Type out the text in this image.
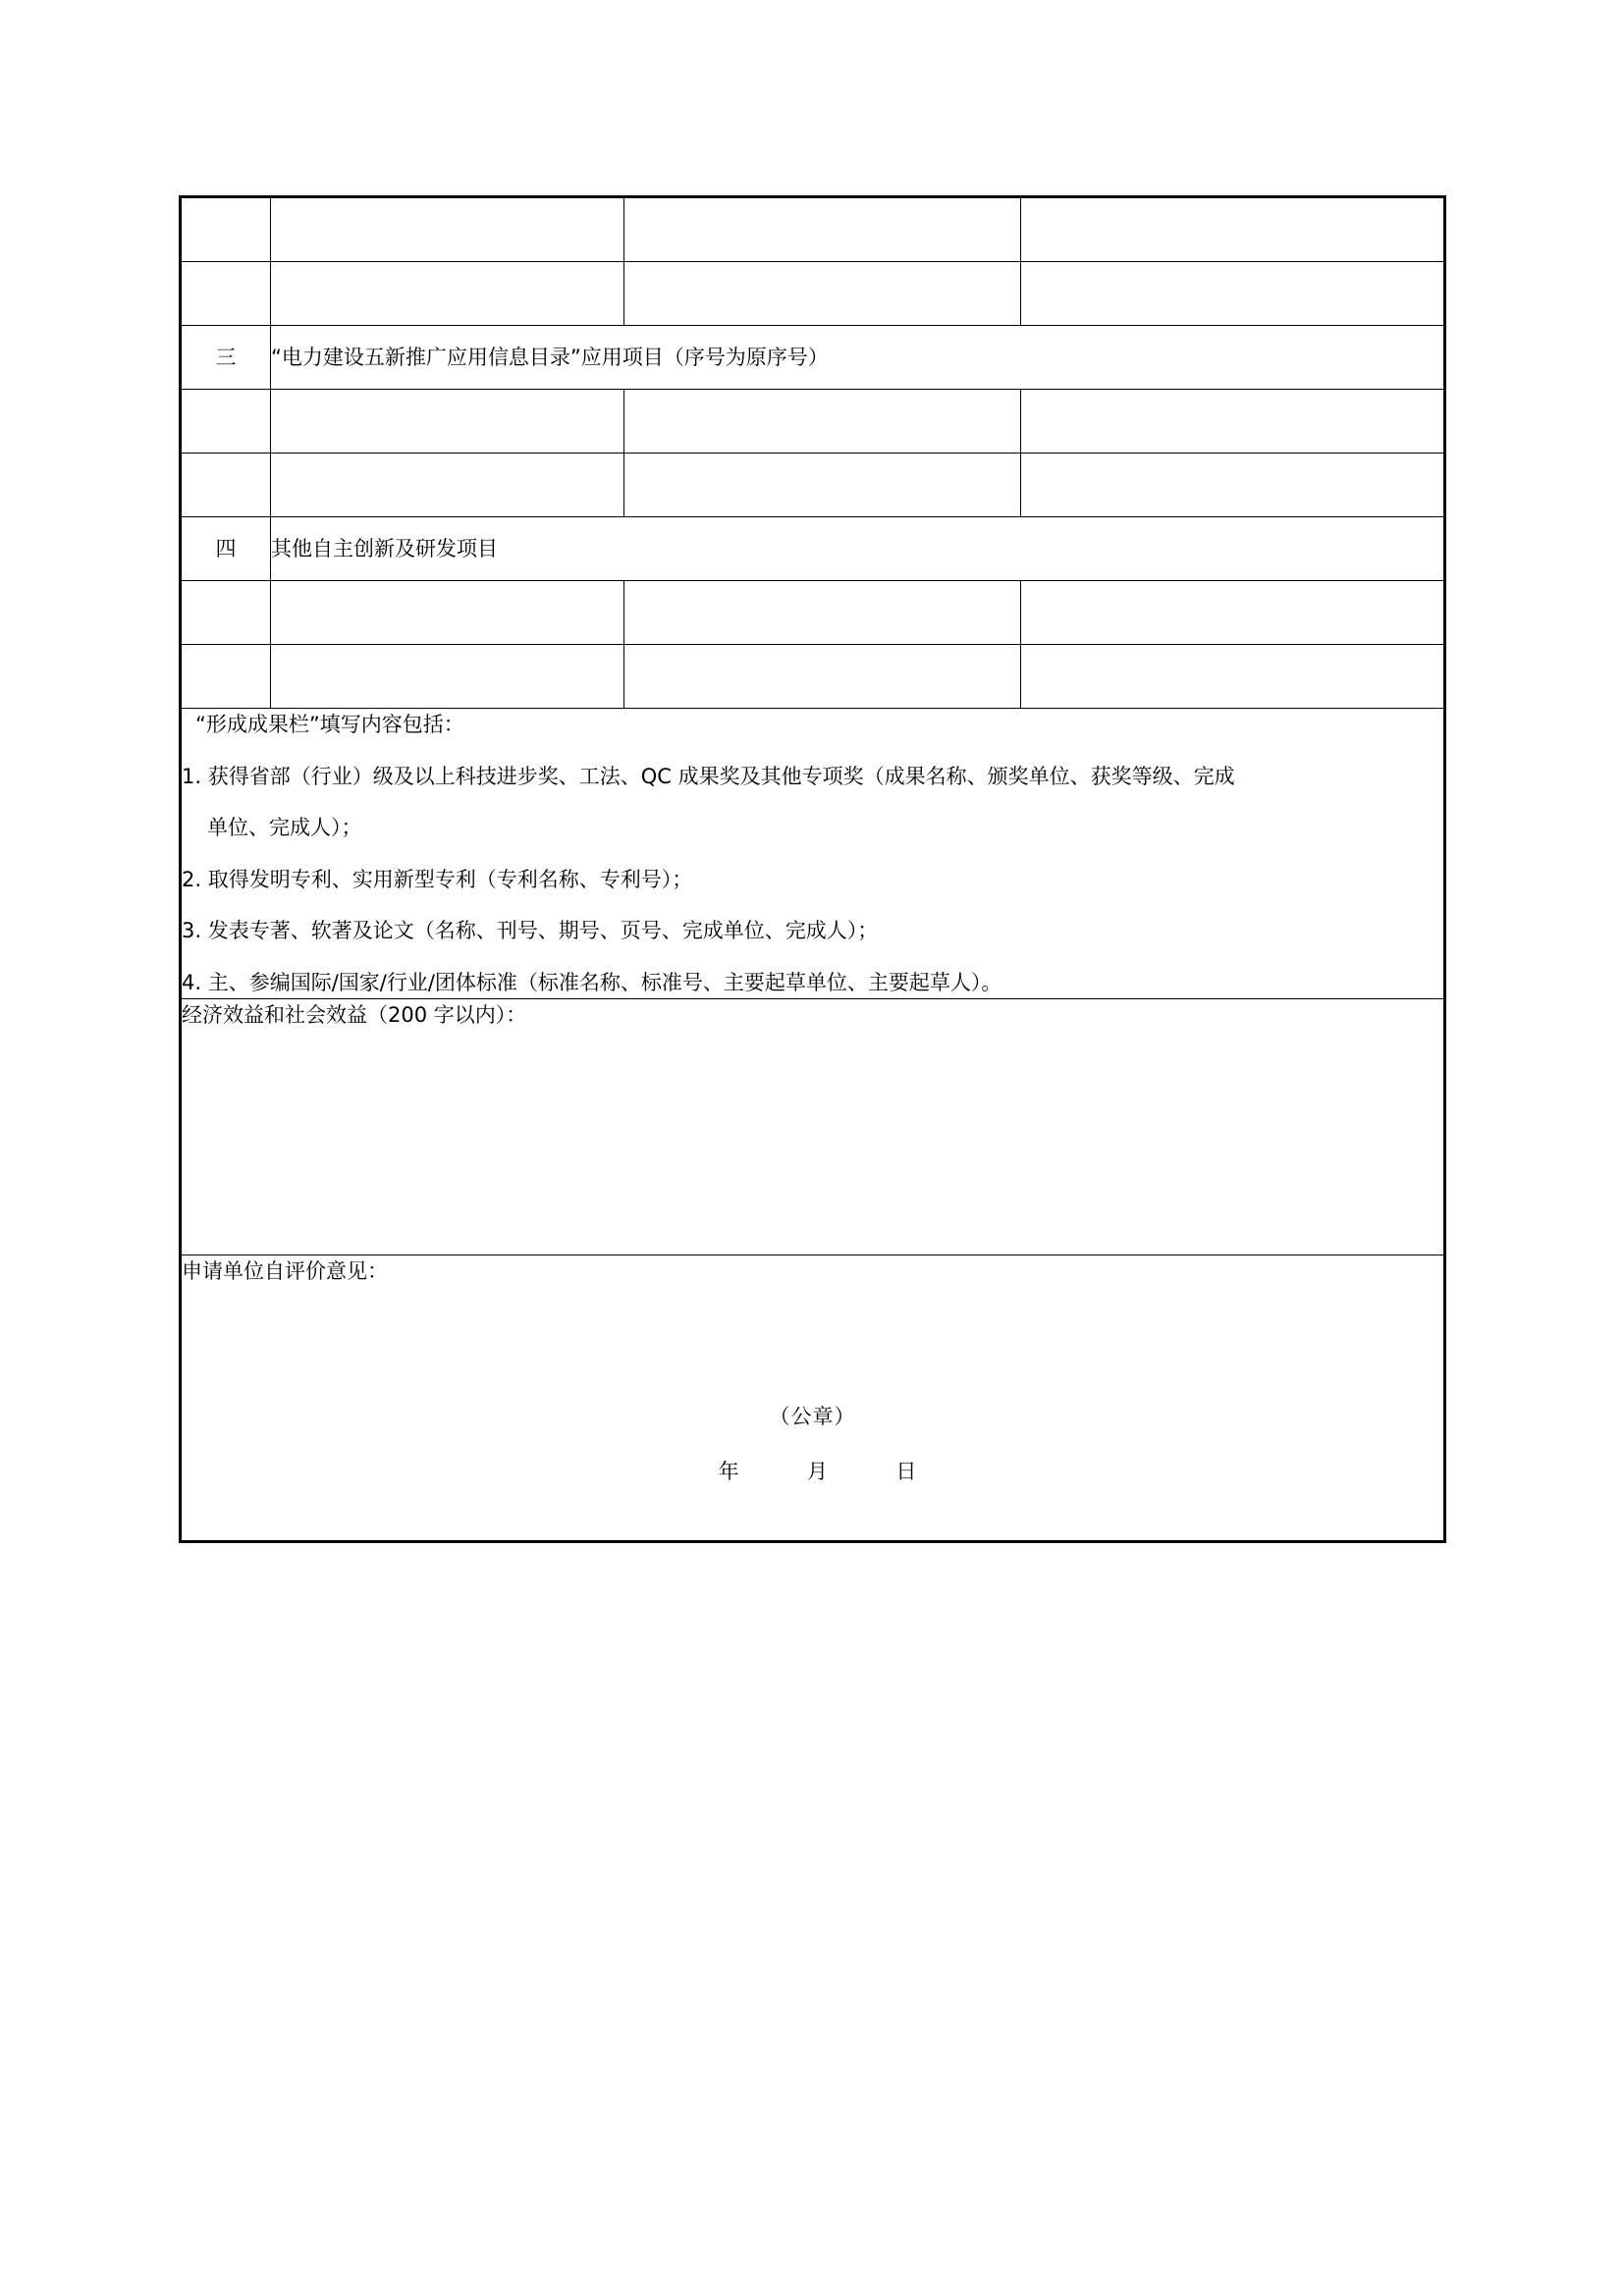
三	“电力建设五新推广应用信息目录”应用项目（序号为原序号）		

四	其他自主创新及研发项目		

“形成成果栏”填写内容包括：

1. 获得省部（行业）级及以上科技进步奖、工法、QC 成果奖及其他专项奖（成果名称、颁奖单位、获奖等级、完成

单位、完成人）；

2. 取得发明专利、实用新型专利（专利名称、专利号）；

3. 发表专著、软著及论文（名称、刊号、期号、页号、完成单位、完成人）；

4. 主、参编国际/国家/行业/团体标准（标准名称、标准号、主要起草单位、主要起草人）。

经济效益和社会效益（200 字以内）：			

申请单位自评价意见：

（公章）
年 月 日			
